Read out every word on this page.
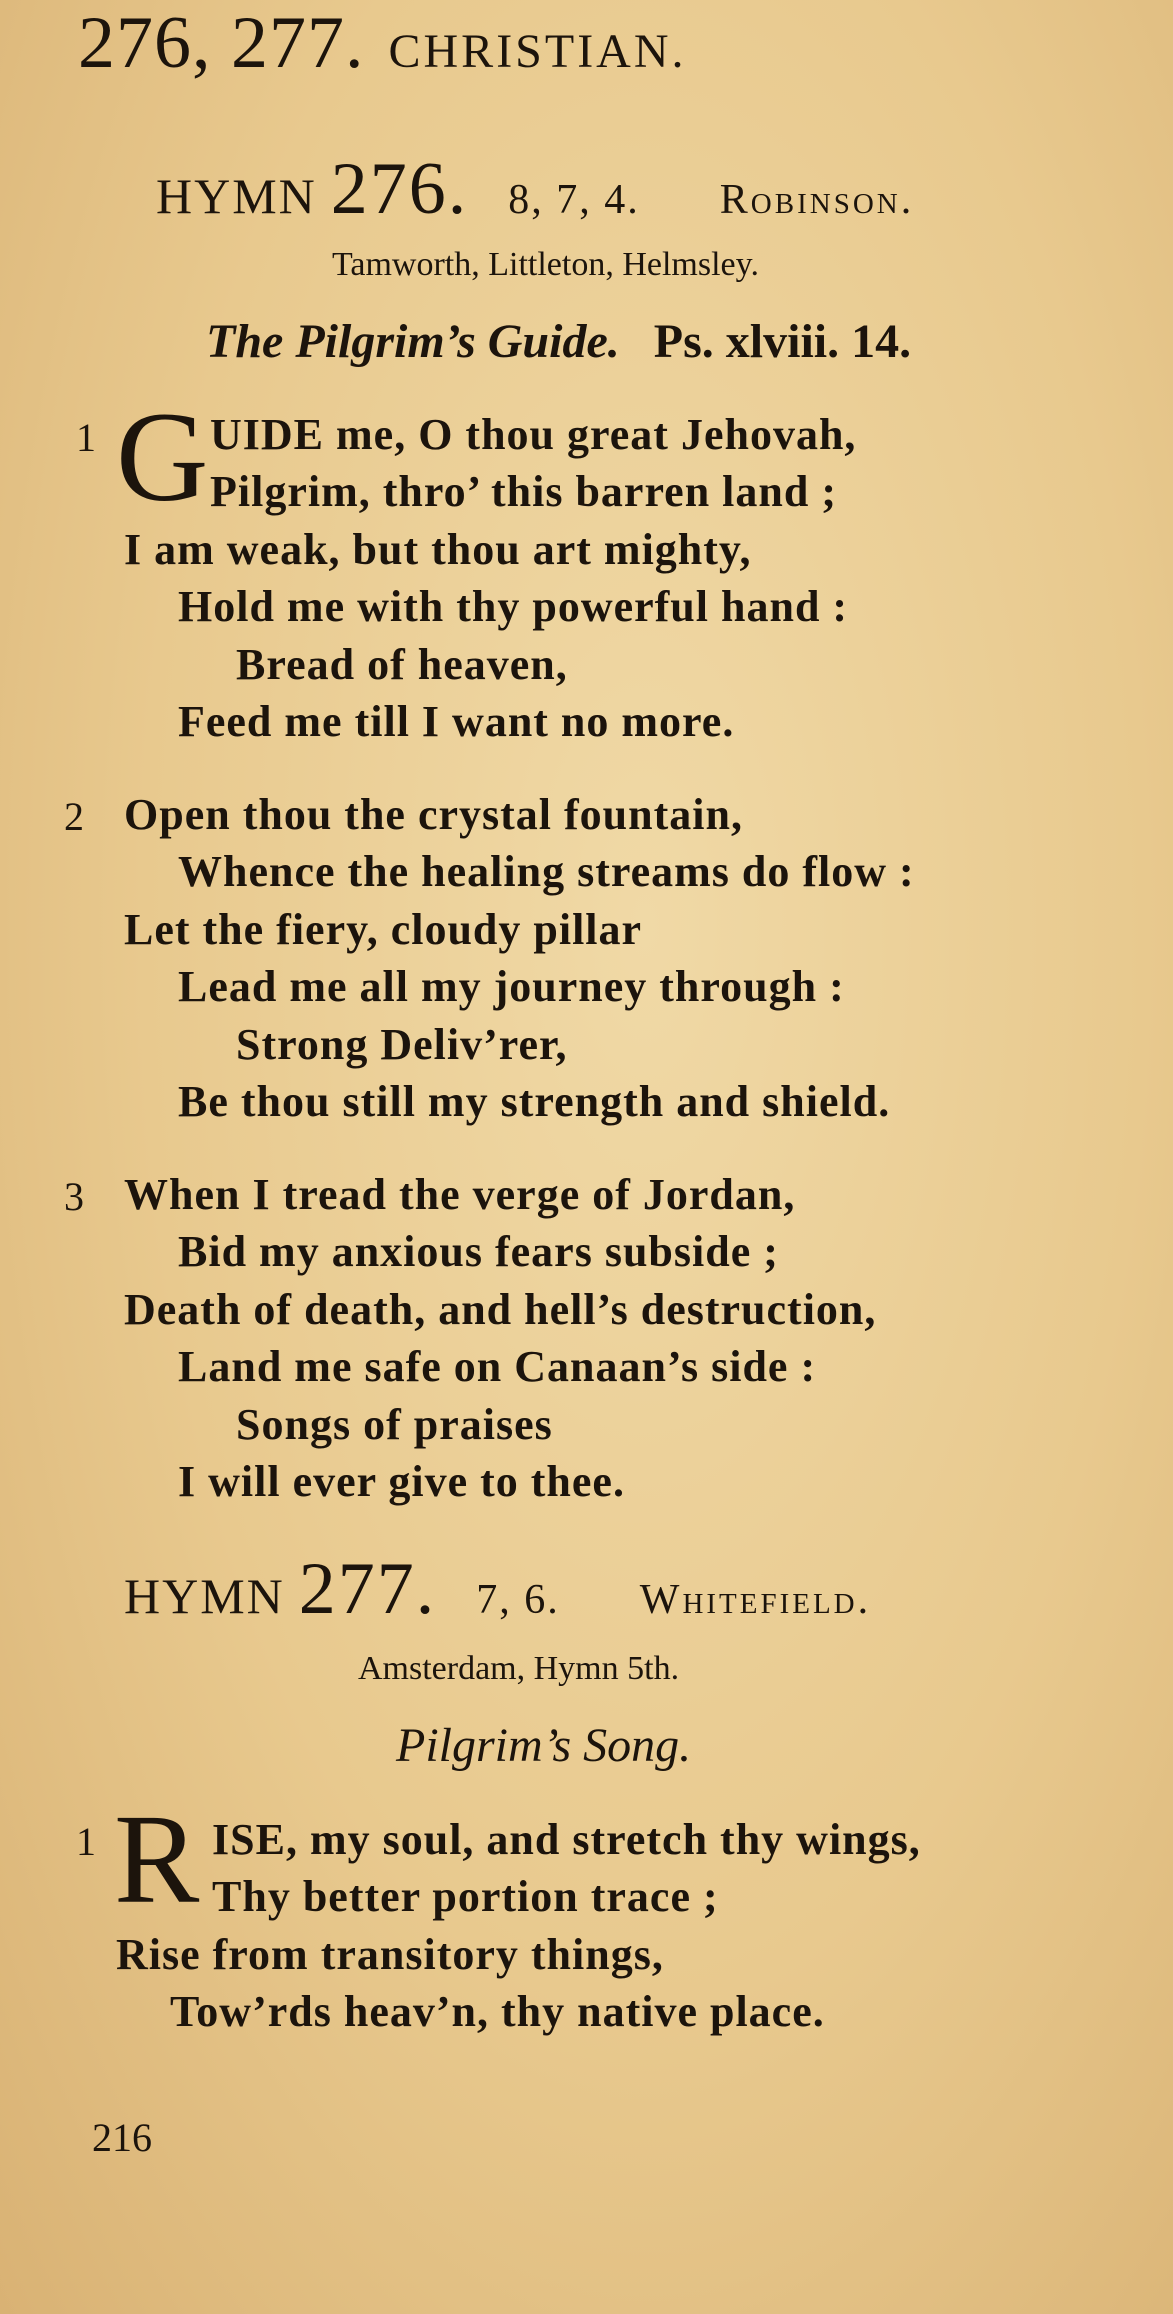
276, 277. CHRISTIAN.
HYMN 276. 8, 7, 4. Robinson.
Tamworth, Littleton, Helmsley.
The Pilgrim’s Guide. Ps. xlviii. 14.
1 G UIDE me, O thou great Jehovah,
Pilgrim, thro’ this barren land ;
I am weak, but thou art mighty,
Hold me with thy powerful hand :
Bread of heaven,
Feed me till I want no more.
2 Open thou the crystal fountain,
Whence the healing streams do flow :
Let the fiery, cloudy pillar
Lead me all my journey through :
Strong Deliv’rer,
Be thou still my strength and shield.
3 When I tread the verge of Jordan,
Bid my anxious fears subside ;
Death of death, and hell’s destruction,
Land me safe on Canaan’s side :
Songs of praises
I will ever give to thee.
HYMN 277. 7, 6. Whitefield.
Amsterdam, Hymn 5th.
Pilgrim’s Song.
1 R ISE, my soul, and stretch thy wings,
Thy better portion trace ;
Rise from transitory things,
Tow’rds heav’n, thy native place.
216
